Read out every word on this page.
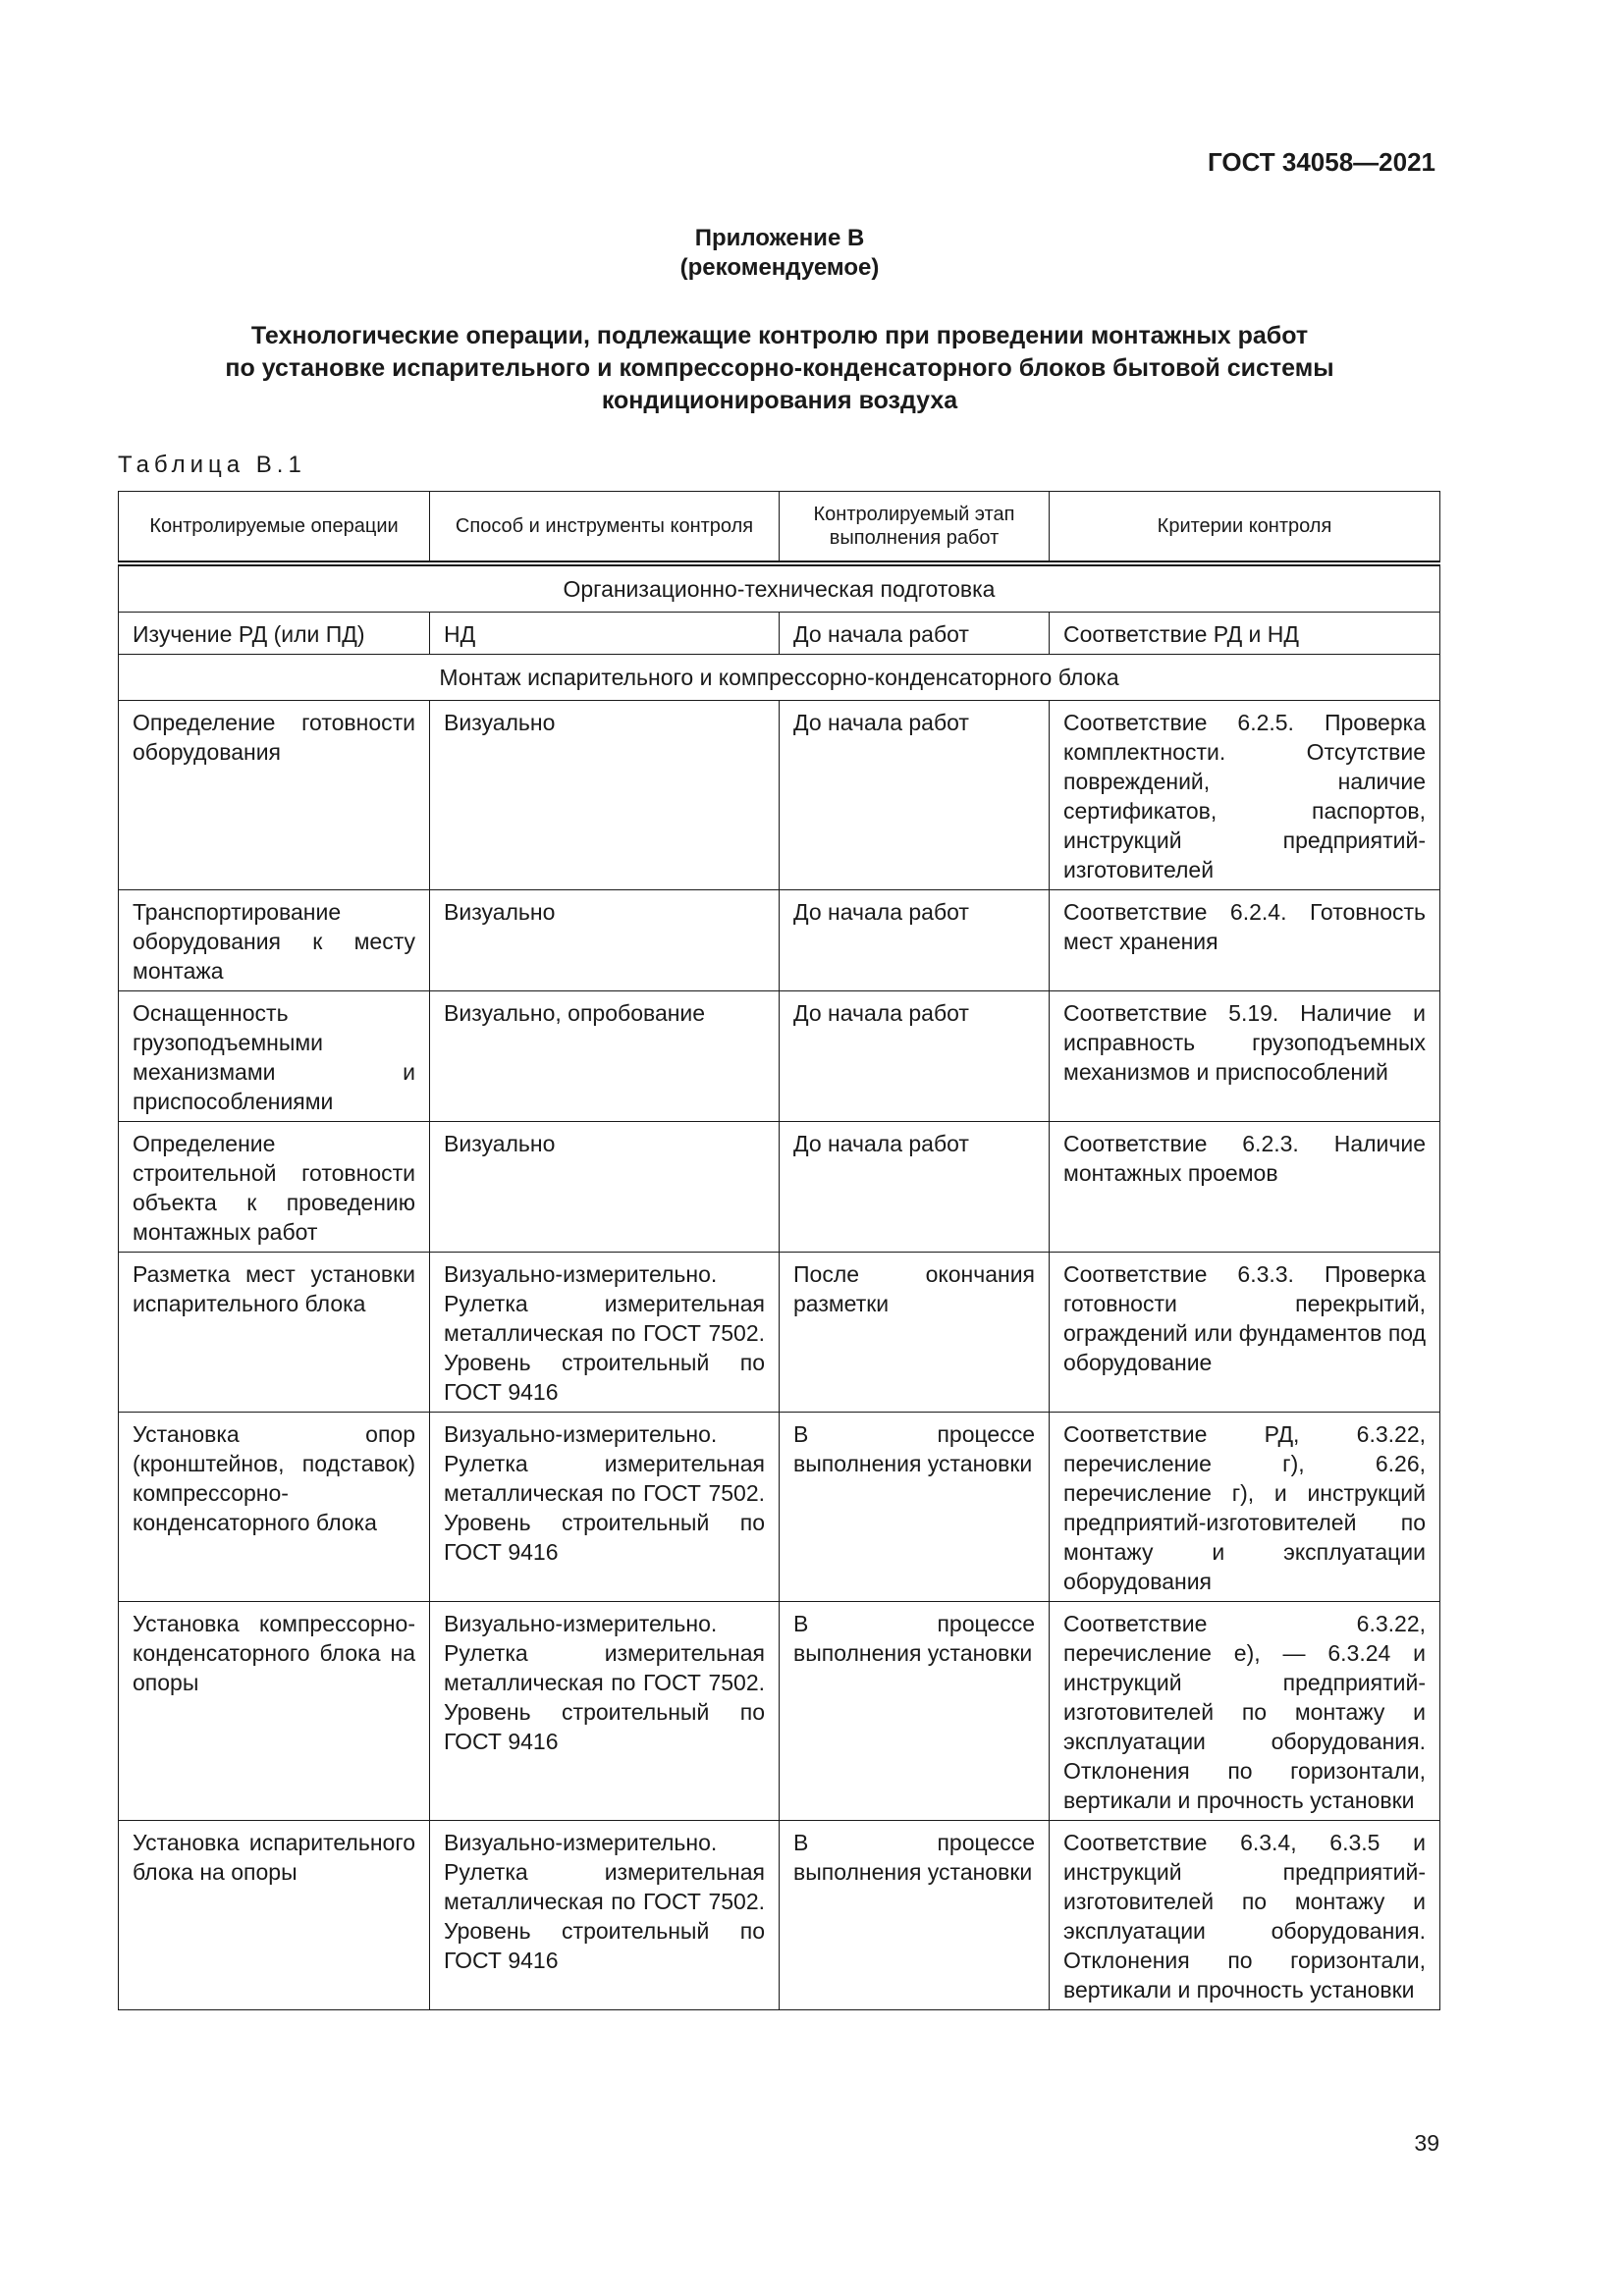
ГОСТ 34058—2021
Приложение В
(рекомендуемое)
Технологические операции, подлежащие контролю при проведении монтажных работ
по установке испарительного и компрессорно-конденсаторного блоков бытовой системы
кондиционирования воздуха
Таблица В.1
Контролируемые операции	Способ и инструменты контроля	Контролируемый этап выполнения работ	Критерии контроля
Организационно-техническая подготовка			
Изучение РД (или ПД)	НД	До начала работ	Соответствие РД и НД
Монтаж испарительного и компрессорно-конденсаторного блока			
Определение готовности оборудования	Визуально	До начала работ	Соответствие 6.2.5. Проверка комплектности. Отсутствие повреждений, наличие сертификатов, паспортов, инструкций предприятий-изготовителей
Транспортирование оборудования к месту монтажа	Визуально	До начала работ	Соответствие 6.2.4. Готовность мест хранения
Оснащенность грузоподъемными механизмами и приспособлениями	Визуально, опробование	До начала работ	Соответствие 5.19. Наличие и исправность грузоподъемных механизмов и приспособлений
Определение строительной готовности объекта к проведению монтажных работ	Визуально	До начала работ	Соответствие 6.2.3. Наличие монтажных проемов
Разметка мест установки испарительного блока	Визуально-измерительно. Рулетка измерительная металлическая по ГОСТ 7502. Уровень строительный по ГОСТ 9416	После окончания разметки	Соответствие 6.3.3. Проверка готовности перекрытий, ограждений или фундаментов под оборудование
Установка опор (кронштейнов, подставок) компрессорно-конденсаторного блока	Визуально-измерительно. Рулетка измерительная металлическая по ГОСТ 7502. Уровень строительный по ГОСТ 9416	В процессе выполнения установки	Соответствие РД, 6.3.22, перечисление г), 6.26, перечисление г), и инструкций предприятий-изготовителей по монтажу и эксплуатации оборудования
Установка компрессорно-конденсаторного блока на опоры	Визуально-измерительно. Рулетка измерительная металлическая по ГОСТ 7502. Уровень строительный по ГОСТ 9416	В процессе выполнения установки	Соответствие 6.3.22, перечисление е), — 6.3.24 и инструкций предприятий-изготовителей по монтажу и эксплуатации оборудования. Отклонения по горизонтали, вертикали и прочность установки
Установка испарительного блока на опоры	Визуально-измерительно. Рулетка измерительная металлическая по ГОСТ 7502. Уровень строительный по ГОСТ 9416	В процессе выполнения установки	Соответствие 6.3.4, 6.3.5 и инструкций предприятий-изготовителей по монтажу и эксплуатации оборудования. Отклонения по горизонтали, вертикали и прочность установки
39
